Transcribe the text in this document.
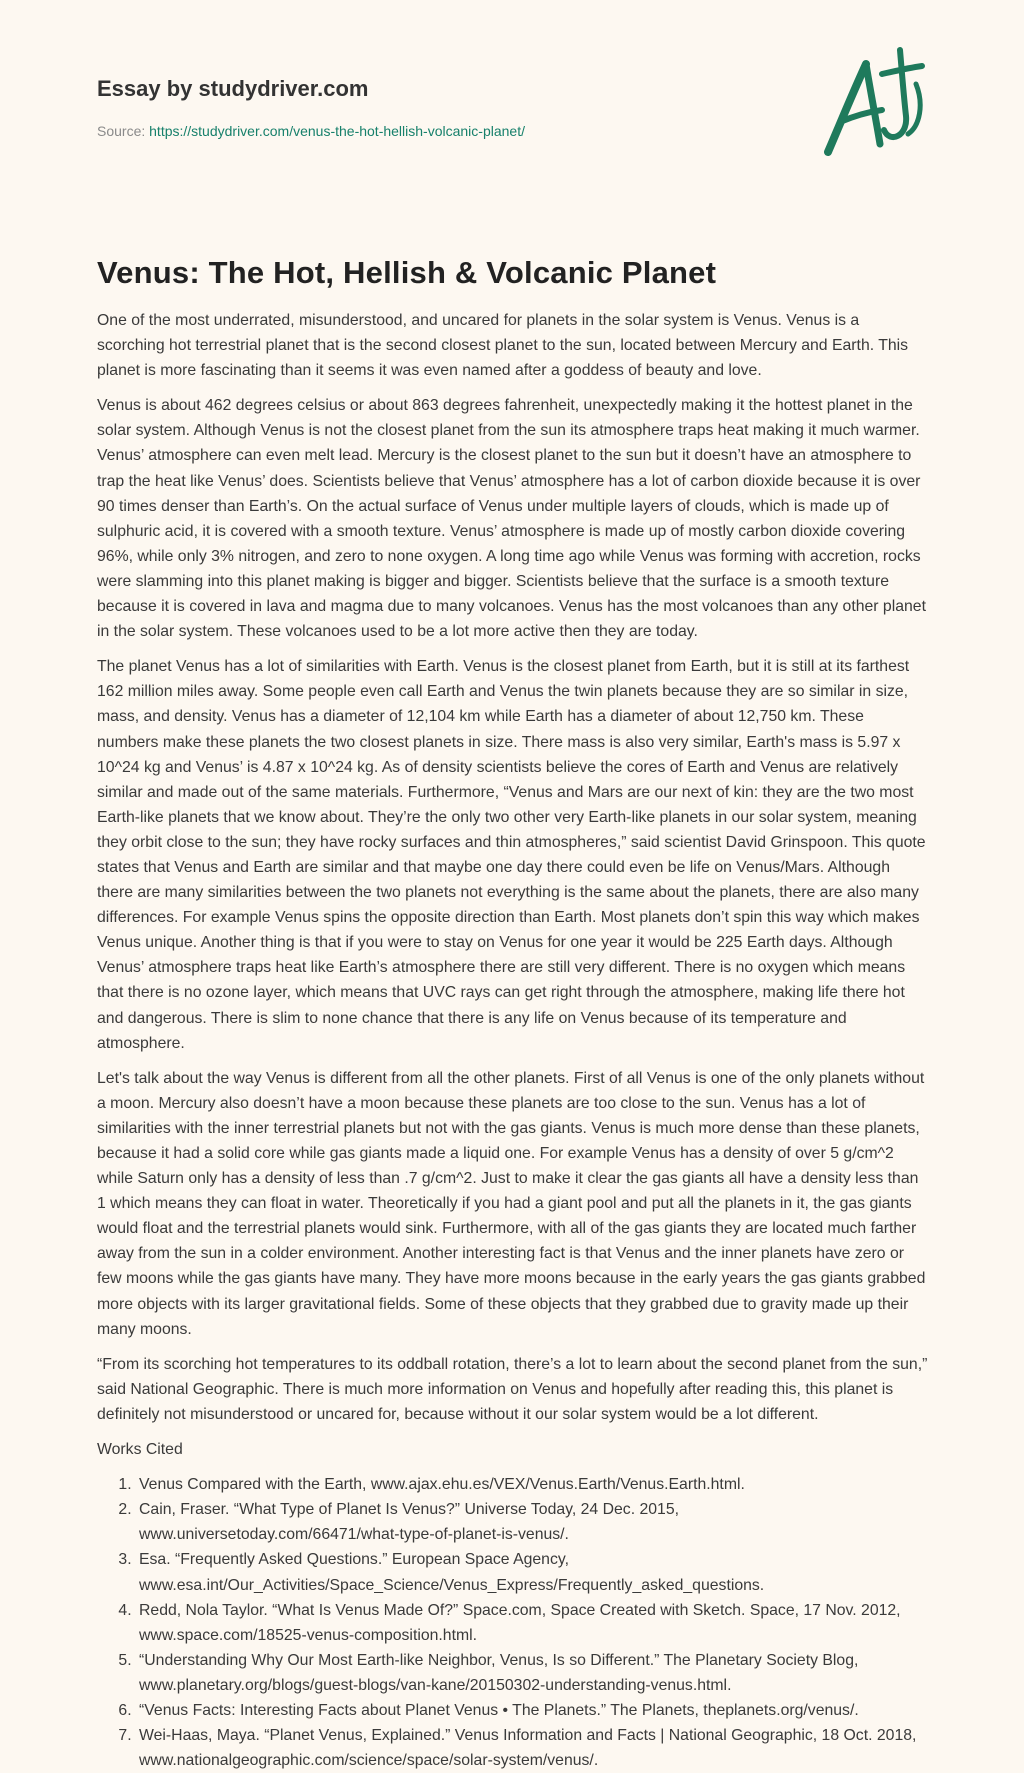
Essay by studydriver.com
Source: https://studydriver.com/venus-the-hot-hellish-volcanic-planet/
Venus: The Hot, Hellish & Volcanic Planet

One of the most underrated, misunderstood, and uncared for planets in the solar system is Venus. Venus is a scorching hot terrestrial planet that is the second closest planet to the sun, located between Mercury and Earth. This planet is more fascinating than it seems it was even named after a goddess of beauty and love.

Venus is about 462 degrees celsius or about 863 degrees fahrenheit, unexpectedly making it the hottest planet in the solar system. Although Venus is not the closest planet from the sun its atmosphere traps heat making it much warmer. Venus’ atmosphere can even melt lead. Mercury is the closest planet to the sun but it doesn’t have an atmosphere to trap the heat like Venus’ does. Scientists believe that Venus’ atmosphere has a lot of carbon dioxide because it is over 90 times denser than Earth’s. On the actual surface of Venus under multiple layers of clouds, which is made up of sulphuric acid, it is covered with a smooth texture. Venus’ atmosphere is made up of mostly carbon dioxide covering 96%, while only 3% nitrogen, and zero to none oxygen. A long time ago while Venus was forming with accretion, rocks were slamming into this planet making is bigger and bigger. Scientists believe that the surface is a smooth texture because it is covered in lava and magma due to many volcanoes. Venus has the most volcanoes than any other planet in the solar system. These volcanoes used to be a lot more active then they are today.

The planet Venus has a lot of similarities with Earth. Venus is the closest planet from Earth, but it is still at its farthest 162 million miles away. Some people even call Earth and Venus the twin planets because they are so similar in size, mass, and density. Venus has a diameter of 12,104 km while Earth has a diameter of about 12,750 km. These numbers make these planets the two closest planets in size. There mass is also very similar, Earth's mass is 5.97 x 10^24 kg and Venus’ is 4.87 x 10^24 kg. As of density scientists believe the cores of Earth and Venus are relatively similar and made out of the same materials. Furthermore, “Venus and Mars are our next of kin: they are the two most Earth-like planets that we know about. They’re the only two other very Earth-like planets in our solar system, meaning they orbit close to the sun; they have rocky surfaces and thin atmospheres,” said scientist David Grinspoon. This quote states that Venus and Earth are similar and that maybe one day there could even be life on Venus/Mars. Although there are many similarities between the two planets not everything is the same about the planets, there are also many differences. For example Venus spins the opposite direction than Earth. Most planets don’t spin this way which makes Venus unique. Another thing is that if you were to stay on Venus for one year it would be 225 Earth days. Although Venus’ atmosphere traps heat like Earth’s atmosphere there are still very different. There is no oxygen which means that there is no ozone layer, which means that UVC rays can get right through the atmosphere, making life there hot and dangerous. There is slim to none chance that there is any life on Venus because of its temperature and atmosphere.

Let's talk about the way Venus is different from all the other planets. First of all Venus is one of the only planets without a moon. Mercury also doesn’t have a moon because these planets are too close to the sun. Venus has a lot of similarities with the inner terrestrial planets but not with the gas giants. Venus is much more dense than these planets, because it had a solid core while gas giants made a liquid one. For example Venus has a density of over 5 g/cm^2 while Saturn only has a density of less than .7 g/cm^2. Just to make it clear the gas giants all have a density less than 1 which means they can float in water. Theoretically if you had a giant pool and put all the planets in it, the gas giants would float and the terrestrial planets would sink. Furthermore, with all of the gas giants they are located much farther away from the sun in a colder environment. Another interesting fact is that Venus and the inner planets have zero or few moons while the gas giants have many. They have more moons because in the early years the gas giants grabbed more objects with its larger gravitational fields. Some of these objects that they grabbed due to gravity made up their many moons.

“From its scorching hot temperatures to its oddball rotation, there’s a lot to learn about the second planet from the sun,” said National Geographic. There is much more information on Venus and hopefully after reading this, this planet is definitely not misunderstood or uncared for, because without it our solar system would be a lot different.

Works Cited

1. Venus Compared with the Earth, www.ajax.ehu.es/VEX/Venus.Earth/Venus.Earth.html.
2. Cain, Fraser. “What Type of Planet Is Venus?” Universe Today, 24 Dec. 2015, www.universetoday.com/66471/what-type-of-planet-is-venus/.
3. Esa. “Frequently Asked Questions.” European Space Agency, www.esa.int/Our_Activities/Space_Science/Venus_Express/Frequently_asked_questions.
4. Redd, Nola Taylor. “What Is Venus Made Of?” Space.com, Space Created with Sketch. Space, 17 Nov. 2012, www.space.com/18525-venus-composition.html.
5. “Understanding Why Our Most Earth-like Neighbor, Venus, Is so Different.” The Planetary Society Blog, www.planetary.org/blogs/guest-blogs/van-kane/20150302-understanding-venus.html.
6. “Venus Facts: Interesting Facts about Planet Venus • The Planets.” The Planets, theplanets.org/venus/.
7. Wei-Haas, Maya. “Planet Venus, Explained.” Venus Information and Facts | National Geographic, 18 Oct. 2018, www.nationalgeographic.com/science/space/solar-system/venus/.
